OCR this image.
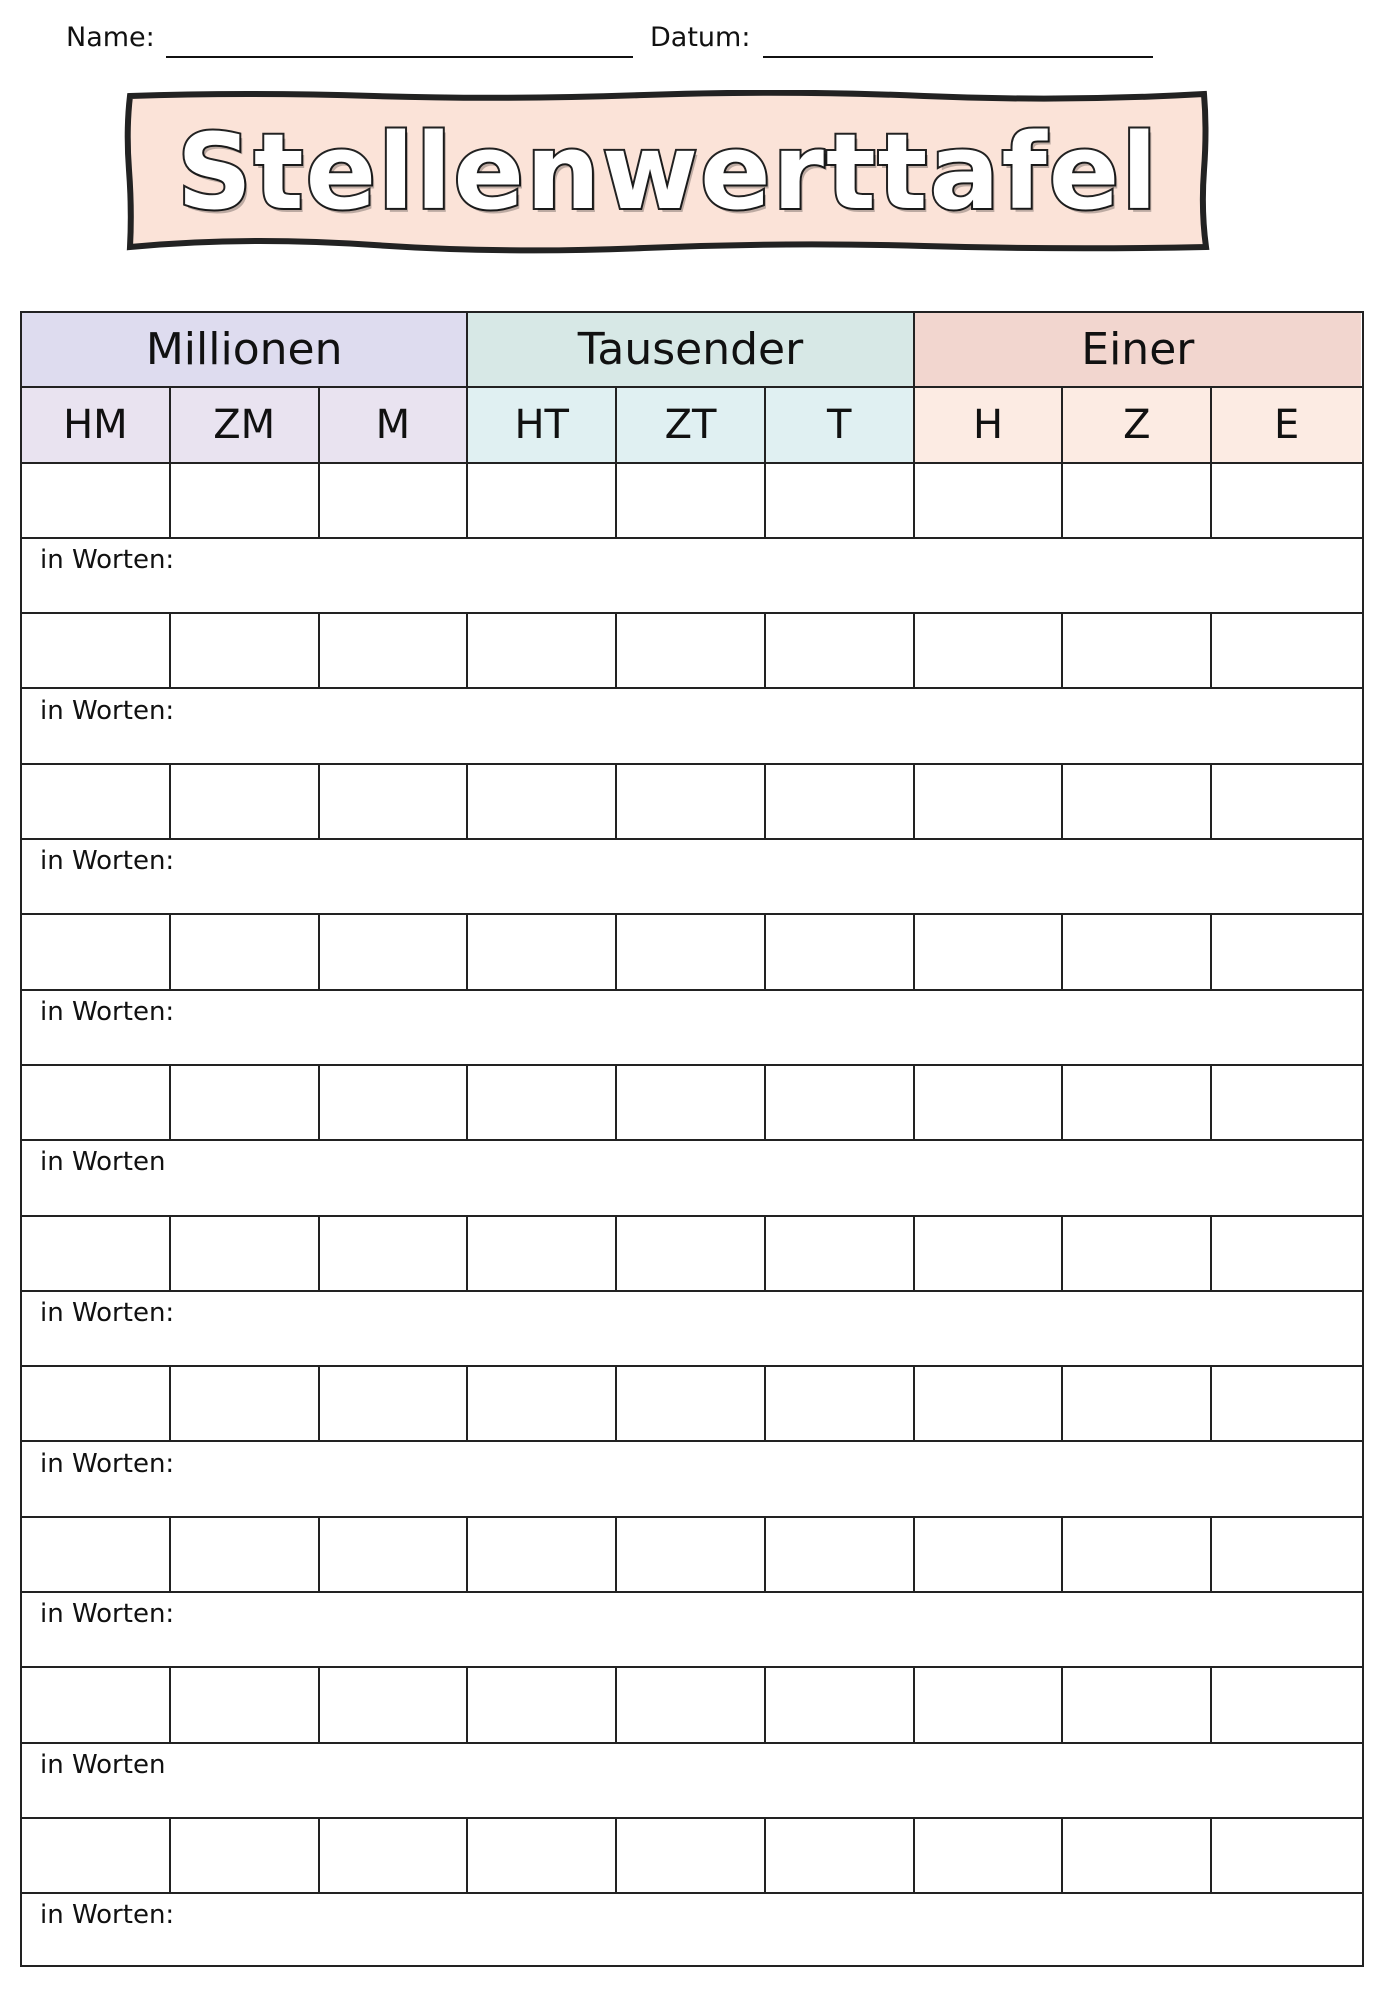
Name:	Datum:
Stellenwerttafel
Millionen	Tausender	Einer
HM	ZM	M	HT	ZT	T	H	Z	E
in Worten:
in Worten:
in Worten:
in Worten:
in Worten
in Worten:
in Worten:
in Worten:
in Worten
in Worten:
